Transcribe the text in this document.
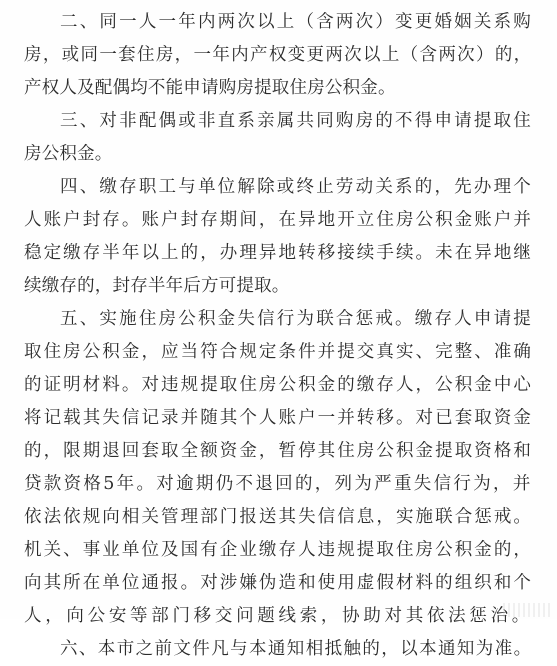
二、同一人一年内两次以上（含两次）变更婚姻关系购
房，或同一套住房，一年内产权变更两次以上（含两次）的，
产权人及配偶均不能申请购房提取住房公积金。
三、对非配偶或非直系亲属共同购房的不得申请提取住
房公积金。
四、缴存职工与单位解除或终止劳动关系的，先办理个
人账户封存。账户封存期间，在异地开立住房公积金账户并
稳定缴存半年以上的，办理异地转移接续手续。未在异地继
续缴存的，封存半年后方可提取。
五、实施住房公积金失信行为联合惩戒。缴存人申请提
取住房公积金，应当符合规定条件并提交真实、完整、准确
的证明材料。对违规提取住房公积金的缴存人，公积金中心
将记载其失信记录并随其个人账户一并转移。对已套取资金
的，限期退回套取全额资金，暂停其住房公积金提取资格和
贷款资格5年。对逾期仍不退回的，列为严重失信行为，并
依法依规向相关管理部门报送其失信信息，实施联合惩戒。
机关、事业单位及国有企业缴存人违规提取住房公积金的，
向其所在单位通报。对涉嫌伪造和使用虚假材料的组织和个
人，向公安等部门移交问题线索，协助对其依法惩治。
六、本市之前文件凡与本通知相抵触的，以本通知为准。
